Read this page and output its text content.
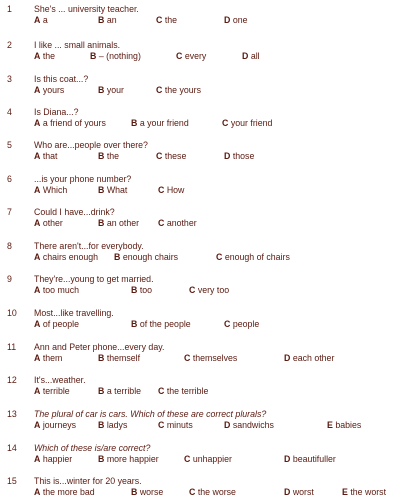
1	She's ... university teacher.
A a	B an	C the	D one
2	I like ... small animals.
A the	B – (nothing)	C every	D all
3	Is this coat...?
A yours	B your	C the yours
4	Is Diana...?
A a friend of yours	B a your friend	C your friend
5	Who are...people over there?
A that	B the	C these	D those
6	...is your phone number?
A Which	B What	C How
7	Could I have...drink?
A other	B an other C another
8	There aren't...for everybody.
A chairs enough B enough chairs	C enough of chairs
9	They're...young to get married.
A too much	B too	C very too
10 Most...like travelling.
A of people	B of the people	C people
11 Ann and Peter phone...every day.
A them	B themself	C themselves	D each other
12 It's...weather.
A terrible	B a terrible C the terrible
13 The plural of car is cars. Which of these are correct plurals?
A journeys B ladys	C minuts	D sandwichs	E babies
14 Which of these is/are correct?
A happier	B more happier	C unhappier	D beautifuller
15 This is...winter for 20 years.
A the more bad	B worse	C the worse	D worst	E the worst
